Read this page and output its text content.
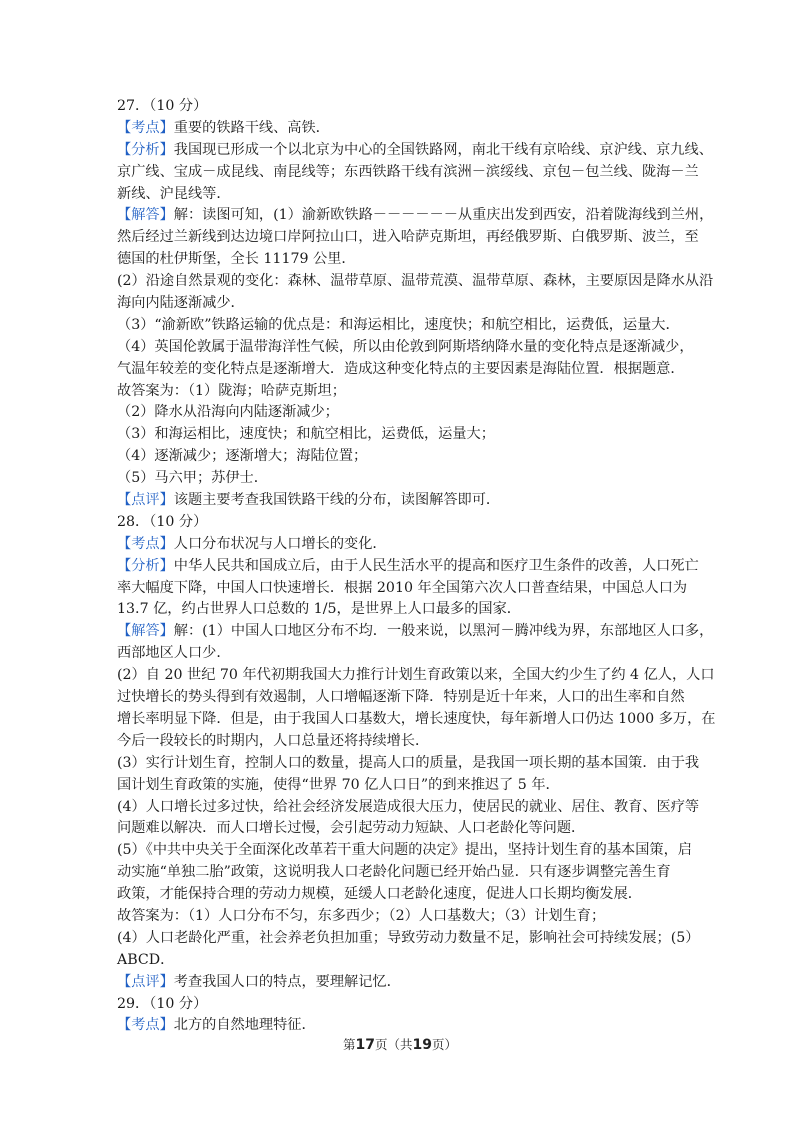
27．（10 分）
【考点】重要的铁路干线、高铁．
【分析】我国现已形成一个以北京为中心的全国铁路网，南北干线有京哈线、京沪线、京九线、
京广线、宝成－成昆线、南昆线等；东西铁路干线有滨洲－滨绥线、京包－包兰线、陇海－兰
新线、沪昆线等．
【解答】解：读图可知，(1）渝新欧铁路－－－－－－从重庆出发到西安，沿着陇海线到兰州，
然后经过兰新线到达边境口岸阿拉山口，进入哈萨克斯坦，再经俄罗斯、白俄罗斯、波兰，至
德国的杜伊斯堡，全长 11179 公里．
(2）沿途自然景观的变化：森林、温带草原、温带荒漠、温带草原、森林，主要原因是降水从沿
海向内陆逐渐减少．
（3）“渝新欧”铁路运输的优点是：和海运相比，速度快；和航空相比，运费低，运量大．
（4）英国伦敦属于温带海洋性气候，所以由伦敦到阿斯塔纳降水量的变化特点是逐渐减少，
气温年较差的变化特点是逐渐增大．造成这种变化特点的主要因素是海陆位置．根据题意．
故答案为：（1）陇海；哈萨克斯坦；
（2）降水从沿海向内陆逐渐减少；
（3）和海运相比，速度快；和航空相比，运费低，运量大；
（4）逐渐减少；逐渐增大；海陆位置；
（5）马六甲；苏伊士．
【点评】该题主要考查我国铁路干线的分布，读图解答即可．
28．（10 分）
【考点】人口分布状况与人口增长的变化．
【分析】中华人民共和国成立后，由于人民生活水平的提高和医疗卫生条件的改善，人口死亡
率大幅度下降，中国人口快速增长．根据 2010 年全国第六次人口普查结果，中国总人口为
13.7 亿，约占世界人口总数的 1/5，是世界上人口最多的国家．
【解答】解：(1）中国人口地区分布不均．一般来说，以黑河－腾冲线为界，东部地区人口多，
西部地区人口少．
(2）自 20 世纪 70 年代初期我国大力推行计划生育政策以来，全国大约少生了约 4 亿人，人口
过快增长的势头得到有效遏制，人口增幅逐渐下降．特别是近十年来，人口的出生率和自然
增长率明显下降．但是，由于我国人口基数大，增长速度快，每年新增人口仍达 1000 多万，在
今后一段较长的时期内，人口总量还将持续增长．
(3）实行计划生育，控制人口的数量，提高人口的质量，是我国一项长期的基本国策．由于我
国计划生育政策的实施，使得“世界 70 亿人口日”的到来推迟了 5 年．
(4）人口增长过多过快，给社会经济发展造成很大压力，使居民的就业、居住、教育、医疗等
问题难以解决．而人口增长过慢，会引起劳动力短缺、人口老龄化等问题．
(5）《中共中央关于全面深化改革若干重大问题的决定》提出，坚持计划生育的基本国策，启
动实施“单独二胎”政策，这说明我人口老龄化问题已经开始凸显．只有逐步调整完善生育
政策，才能保持合理的劳动力规模，延缓人口老龄化速度，促进人口长期均衡发展．
故答案为：（1）人口分布不匀，东多西少；（2）人口基数大；（3）计划生育；
(4）人口老龄化严重，社会养老负担加重；导致劳动力数量不足，影响社会可持续发展；(5）
ABCD．
【点评】考查我国人口的特点，要理解记忆．
29．（10 分）
【考点】北方的自然地理特征．
第17页（共19页）
